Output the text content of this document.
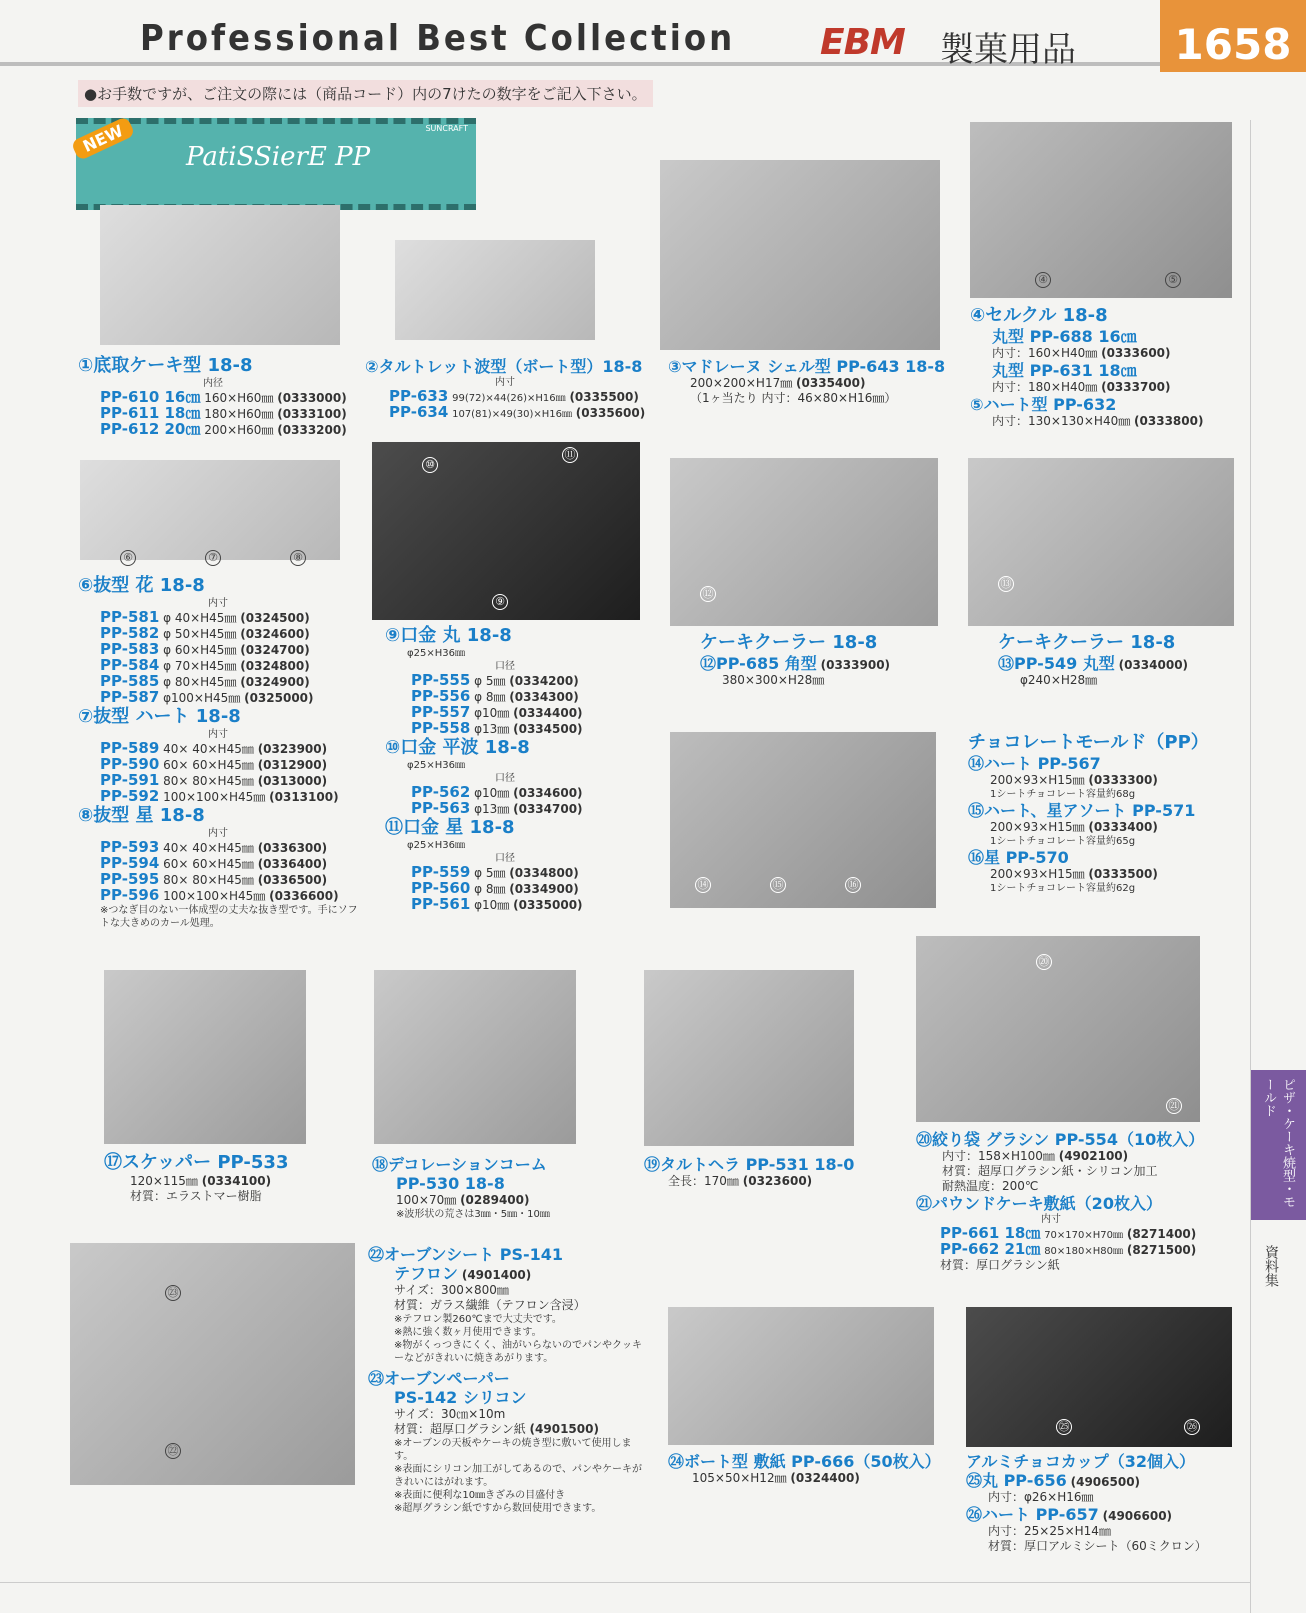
Professional Best Collection EBM 製菓用品	1658
●お手数ですが、ご注文の際には（商品コード）内の7けたの数字をご記入下さい。
NEW
PatiSSierE PP
SUNCRAFT
④	⑤
⑥	⑦	⑧
⑩
⑪
⑨
⑫
⑬
⑭	⑮	⑯
⑳
㉑
㉓
㉒
㉕	㉖
①底取ケーキ型 18-8
内径
PP-610 16㎝ 160×H60㎜ (0333000)
PP-611 18㎝ 180×H60㎜ (0333100)
PP-612 20㎝ 200×H60㎜ (0333200)
②タルトレット波型（ボート型）18-8
内寸
PP-633 99(72)×44(26)×H16㎜ (0335500)
PP-634 107(81)×49(30)×H16㎜ (0335600)
③マドレーヌ シェル型 PP-643 18-8
200×200×H17㎜ (0335400)
（1ヶ当たり 内寸：46×80×H16㎜）
④セルクル 18-8
丸型 PP-688 16㎝
内寸：160×H40㎜ (0333600)
丸型 PP-631 18㎝
内寸：180×H40㎜ (0333700)
⑤ハート型 PP-632
内寸：130×130×H40㎜ (0333800)
⑥抜型 花 18-8
内寸
PP-581 φ 40×H45㎜ (0324500)
PP-582 φ 50×H45㎜ (0324600)
PP-583 φ 60×H45㎜ (0324700)
PP-584 φ 70×H45㎜ (0324800)
PP-585 φ 80×H45㎜ (0324900)
PP-587 φ100×H45㎜ (0325000)
⑦抜型 ハート 18-8
内寸
PP-589 40× 40×H45㎜ (0323900)
PP-590 60× 60×H45㎜ (0312900)
PP-591 80× 80×H45㎜ (0313000)
PP-592 100×100×H45㎜ (0313100)
⑧抜型 星 18-8
内寸
PP-593 40× 40×H45㎜ (0336300)
PP-594 60× 60×H45㎜ (0336400)
PP-595 80× 80×H45㎜ (0336500)
PP-596 100×100×H45㎜ (0336600)
※つなぎ目のない一体成型の丈夫な抜き型です。手にソフトな大きめのカール処理。
⑨口金 丸 18-8
φ25×H36㎜
口径
PP-555 φ 5㎜ (0334200)
PP-556 φ 8㎜ (0334300)
PP-557 φ10㎜ (0334400)
PP-558 φ13㎜ (0334500)
⑩口金 平波 18-8
φ25×H36㎜
口径
PP-562 φ10㎜ (0334600)
PP-563 φ13㎜ (0334700)
⑪口金 星 18-8
φ25×H36㎜
口径
PP-559 φ 5㎜ (0334800)
PP-560 φ 8㎜ (0334900)
PP-561 φ10㎜ (0335000)
ケーキクーラー 18-8
⑫PP-685 角型 (0333900)
380×300×H28㎜
ケーキクーラー 18-8
⑬PP-549 丸型 (0334000)
φ240×H28㎜
チョコレートモールド（PP）
⑭ハート PP-567
200×93×H15㎜ (0333300)
1シートチョコレート容量約68g
⑮ハート、星アソート PP-571
200×93×H15㎜ (0333400)
1シートチョコレート容量約65g
⑯星 PP-570
200×93×H15㎜ (0333500)
1シートチョコレート容量約62g
⑰スケッパー PP-533
120×115㎜ (0334100)
材質：エラストマー樹脂
⑱デコレーションコーム
PP-530 18-8
100×70㎜ (0289400)
※波形状の荒さは3㎜・5㎜・10㎜
⑲タルトヘラ PP-531 18-0
全長：170㎜ (0323600)
⑳絞り袋 グラシン PP-554（10枚入）
内寸：158×H100㎜ (4902100)
材質：超厚口グラシン紙・シリコン加工
耐熱温度：200℃
㉑パウンドケーキ敷紙（20枚入）
内寸
PP-661 18㎝ 70×170×H70㎜ (8271400)
PP-662 21㎝ 80×180×H80㎜ (8271500)
材質：厚口グラシン紙
㉒オーブンシート PS-141
テフロン (4901400)
サイズ：300×800㎜
材質：ガラス繊維（テフロン含浸）
※テフロン製260℃まで大丈夫です。
※熱に強く数ヶ月使用できます。
※物がくっつきにくく、油がいらないのでパンやクッキーなどがきれいに焼きあがります。
㉓オーブンペーパー
PS-142 シリコン
サイズ：30㎝×10m
材質：超厚口グラシン紙 (4901500)
※オーブンの天板やケーキの焼き型に敷いて使用します。
※表面にシリコン加工がしてあるので、パンやケーキがきれいにはがれます。
※表面に便利な10㎜きざみの目盛付き
※超厚グラシン紙ですから数回使用できます。
㉔ボート型 敷紙 PP-666（50枚入）
105×50×H12㎜ (0324400)
アルミチョコカップ（32個入）
㉕丸 PP-656 (4906500)
内寸：φ26×H16㎜
㉖ハート PP-657 (4906600)
内寸：25×25×H14㎜
材質：厚口アルミシート（60ミクロン）
ピザ・ケーキ焼型・モールド
資料集
